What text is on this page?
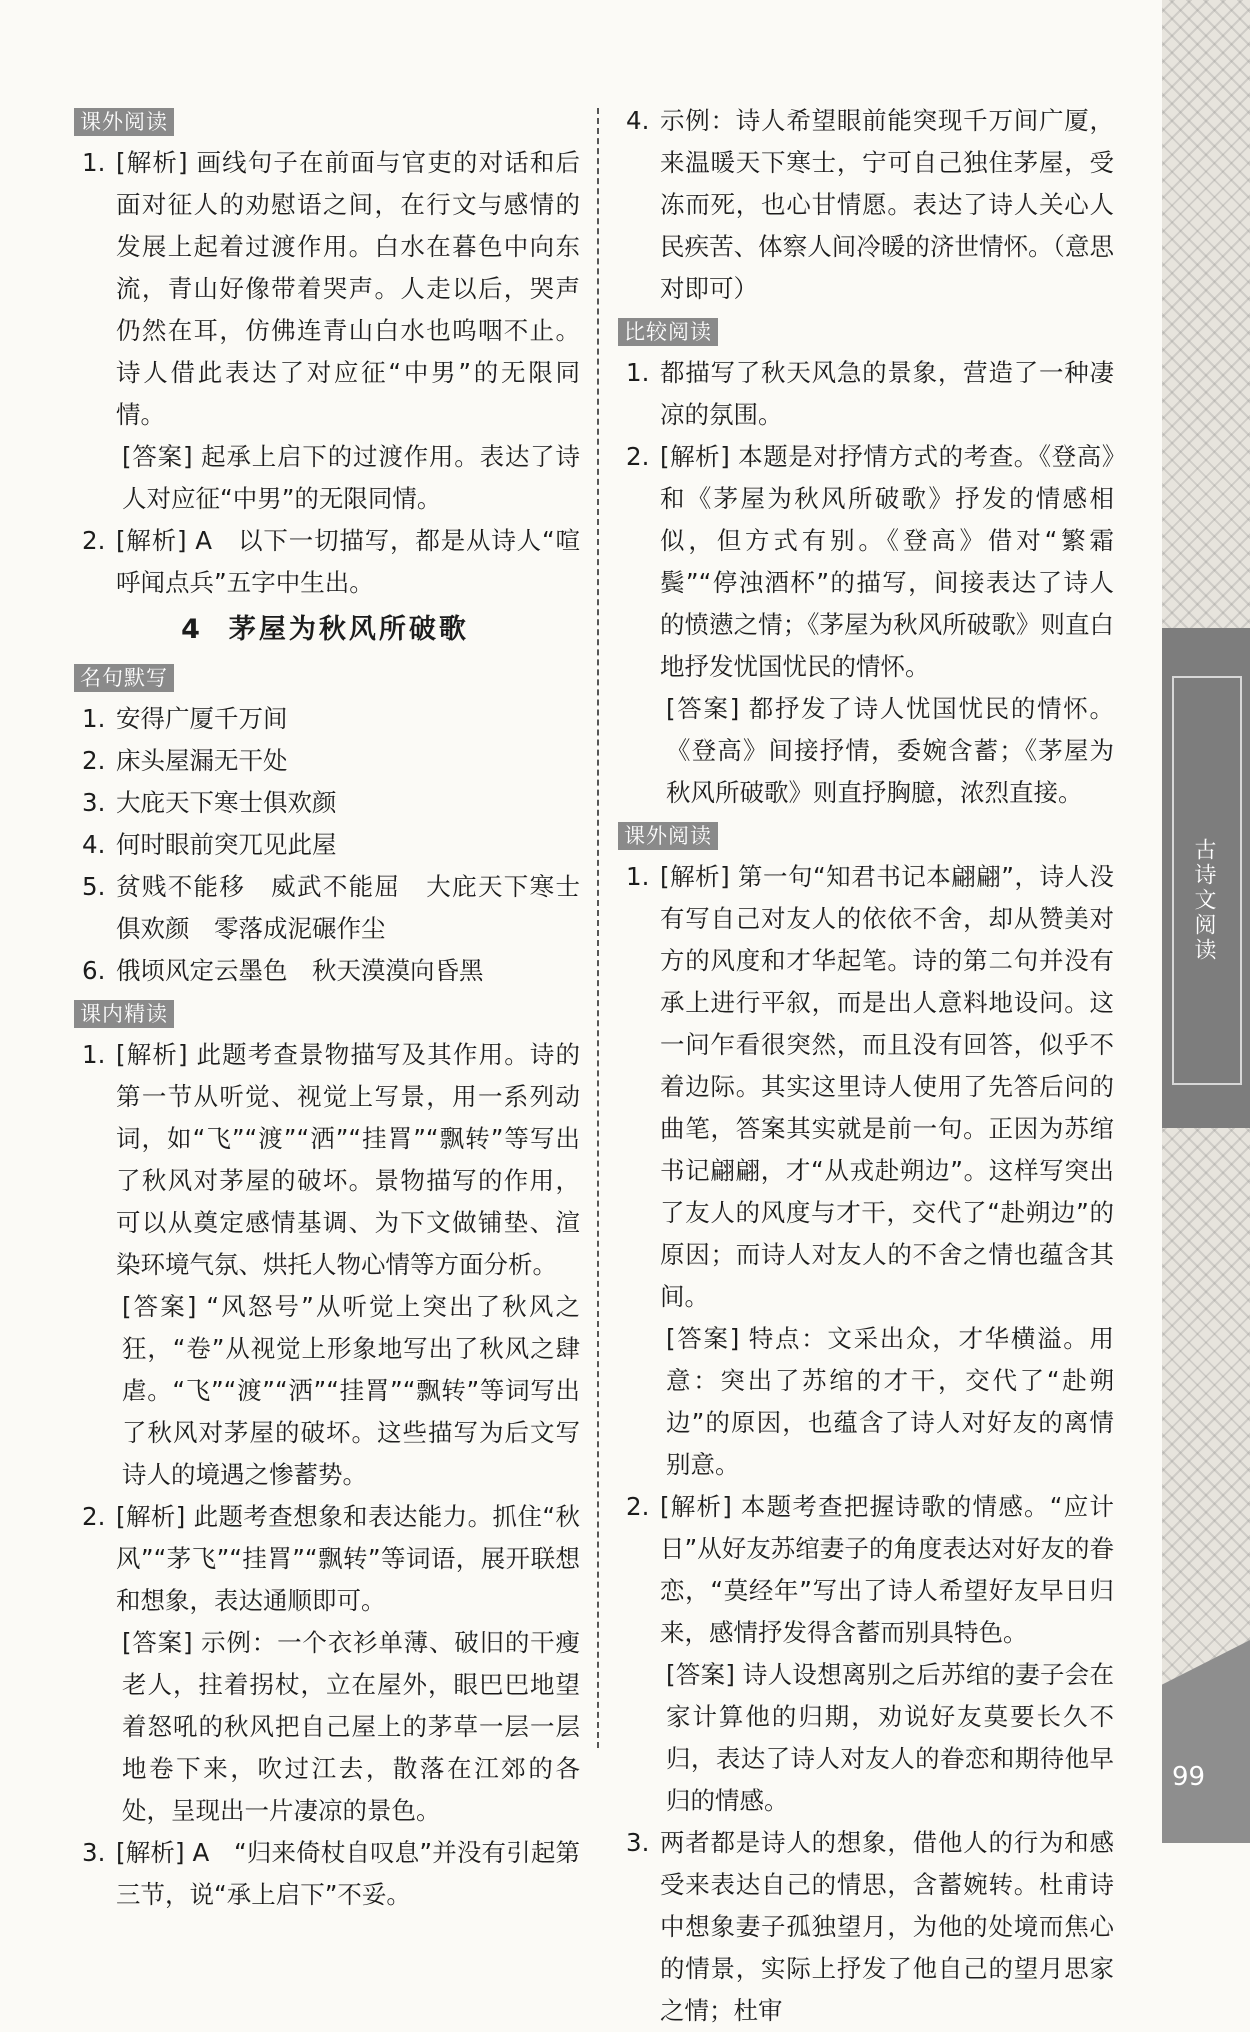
课外阅读
1. [解析] 画线句子在前面与官吏的对话和后面对征人的劝慰语之间，在行文与感情的发展上起着过渡作用。白水在暮色中向东流，青山好像带着哭声。人走以后，哭声仍然在耳，仿佛连青山白水也呜咽不止。诗人借此表达了对应征“中男”的无限同情。
[答案] 起承上启下的过渡作用。表达了诗人对应征“中男”的无限同情。
2. [解析] A　以下一切描写，都是从诗人“喧呼闻点兵”五字中生出。
4 茅屋为秋风所破歌
名句默写
1. 安得广厦千万间
2. 床头屋漏无干处
3. 大庇天下寒士俱欢颜
4. 何时眼前突兀见此屋
5. 贫贱不能移　威武不能屈　大庇天下寒士俱欢颜　零落成泥碾作尘
6. 俄顷风定云墨色　秋天漠漠向昏黑
课内精读
1. [解析] 此题考查景物描写及其作用。诗的第一节从听觉、视觉上写景，用一系列动词，如“飞”“渡”“洒”“挂罥”“飘转”等写出了秋风对茅屋的破坏。景物描写的作用，可以从奠定感情基调、为下文做铺垫、渲染环境气氛、烘托人物心情等方面分析。
[答案] “风怒号”从听觉上突出了秋风之狂，“卷”从视觉上形象地写出了秋风之肆虐。“飞”“渡”“洒”“挂罥”“飘转”等词写出了秋风对茅屋的破坏。这些描写为后文写诗人的境遇之惨蓄势。
2. [解析] 此题考查想象和表达能力。抓住“秋风”“茅飞”“挂罥”“飘转”等词语，展开联想和想象，表达通顺即可。
[答案] 示例：一个衣衫单薄、破旧的干瘦老人，拄着拐杖，立在屋外，眼巴巴地望着怒吼的秋风把自己屋上的茅草一层一层地卷下来，吹过江去，散落在江郊的各处，呈现出一片凄凉的景色。
3. [解析] A　“归来倚杖自叹息”并没有引起第三节，说“承上启下”不妥。
4. 示例：诗人希望眼前能突现千万间广厦，来温暖天下寒士，宁可自己独住茅屋，受冻而死，也心甘情愿。表达了诗人关心人民疾苦、体察人间冷暖的济世情怀。（意思对即可）
比较阅读
1. 都描写了秋天风急的景象，营造了一种凄凉的氛围。
2. [解析] 本题是对抒情方式的考查。《登高》和《茅屋为秋风所破歌》抒发的情感相似，但方式有别。《登高》借对“繁霜鬓”“停浊酒杯”的描写，间接表达了诗人的愤懑之情；《茅屋为秋风所破歌》则直白地抒发忧国忧民的情怀。
[答案] 都抒发了诗人忧国忧民的情怀。《登高》间接抒情，委婉含蓄；《茅屋为秋风所破歌》则直抒胸臆，浓烈直接。
课外阅读
1. [解析] 第一句“知君书记本翩翩”，诗人没有写自己对友人的依依不舍，却从赞美对方的风度和才华起笔。诗的第二句并没有承上进行平叙，而是出人意料地设问。这一问乍看很突然，而且没有回答，似乎不着边际。其实这里诗人使用了先答后问的曲笔，答案其实就是前一句。正因为苏绾书记翩翩，才“从戎赴朔边”。这样写突出了友人的风度与才干，交代了“赴朔边”的原因；而诗人对友人的不舍之情也蕴含其间。
[答案] 特点：文采出众，才华横溢。用意：突出了苏绾的才干，交代了“赴朔边”的原因，也蕴含了诗人对好友的离情别意。
2. [解析] 本题考查把握诗歌的情感。“应计日”从好友苏绾妻子的角度表达对好友的眷恋，“莫经年”写出了诗人希望好友早日归来，感情抒发得含蓄而别具特色。
[答案] 诗人设想离别之后苏绾的妻子会在家计算他的归期，劝说好友莫要长久不归，表达了诗人对友人的眷恋和期待他早归的情感。
3. 两者都是诗人的想象，借他人的行为和感受来表达自己的情思，含蓄婉转。杜甫诗中想象妻子孤独望月，为他的处境而焦心的情景，实际上抒发了他自己的望月思家之情；杜审
古诗文阅读
99
